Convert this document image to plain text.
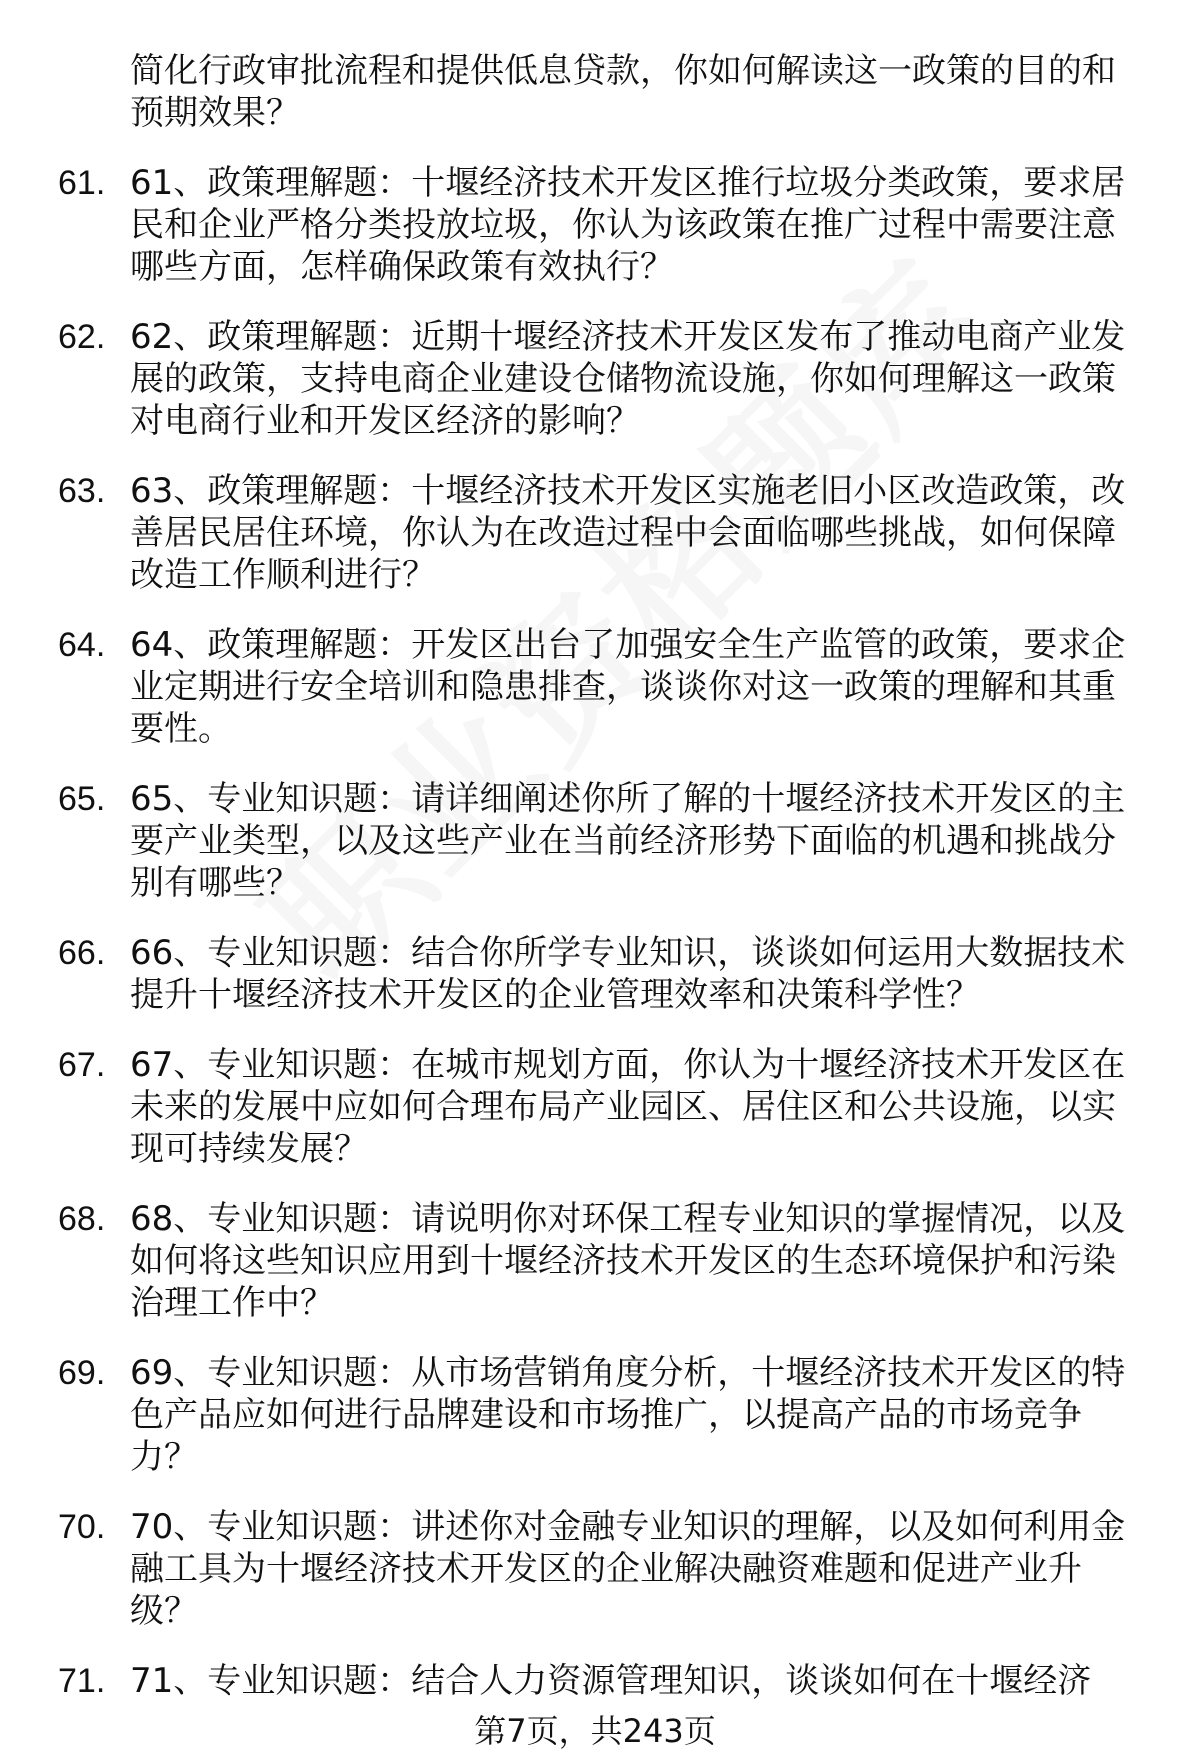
简化行政审批流程和提供低息贷款，你如何解读这一政策的目的和预期效果？
61. 61、政策理解题：十堰经济技术开发区推行垃圾分类政策，要求居民和企业严格分类投放垃圾，你认为该政策在推广过程中需要注意哪些方面，怎样确保政策有效执行？
62. 62、政策理解题：近期十堰经济技术开发区发布了推动电商产业发展的政策，支持电商企业建设仓储物流设施，你如何理解这一政策对电商行业和开发区经济的影响？
63. 63、政策理解题：十堰经济技术开发区实施老旧小区改造政策，改善居民居住环境，你认为在改造过程中会面临哪些挑战，如何保障改造工作顺利进行？
64. 64、政策理解题：开发区出台了加强安全生产监管的政策，要求企业定期进行安全培训和隐患排查，谈谈你对这一政策的理解和其重要性。
65. 65、专业知识题：请详细阐述你所了解的十堰经济技术开发区的主要产业类型，以及这些产业在当前经济形势下面临的机遇和挑战分别有哪些？
66. 66、专业知识题：结合你所学专业知识，谈谈如何运用大数据技术提升十堰经济技术开发区的企业管理效率和决策科学性？
67. 67、专业知识题：在城市规划方面，你认为十堰经济技术开发区在未来的发展中应如何合理布局产业园区、居住区和公共设施，以实现可持续发展？
68. 68、专业知识题：请说明你对环保工程专业知识的掌握情况，以及如何将这些知识应用到十堰经济技术开发区的生态环境保护和污染治理工作中？
69. 69、专业知识题：从市场营销角度分析，十堰经济技术开发区的特色产品应如何进行品牌建设和市场推广，以提高产品的市场竞争力？
70. 70、专业知识题：讲述你对金融专业知识的理解，以及如何利用金融工具为十堰经济技术开发区的企业解决融资难题和促进产业升级？
71. 71、专业知识题：结合人力资源管理知识，谈谈如何在十堰经济
第7页，共243页
